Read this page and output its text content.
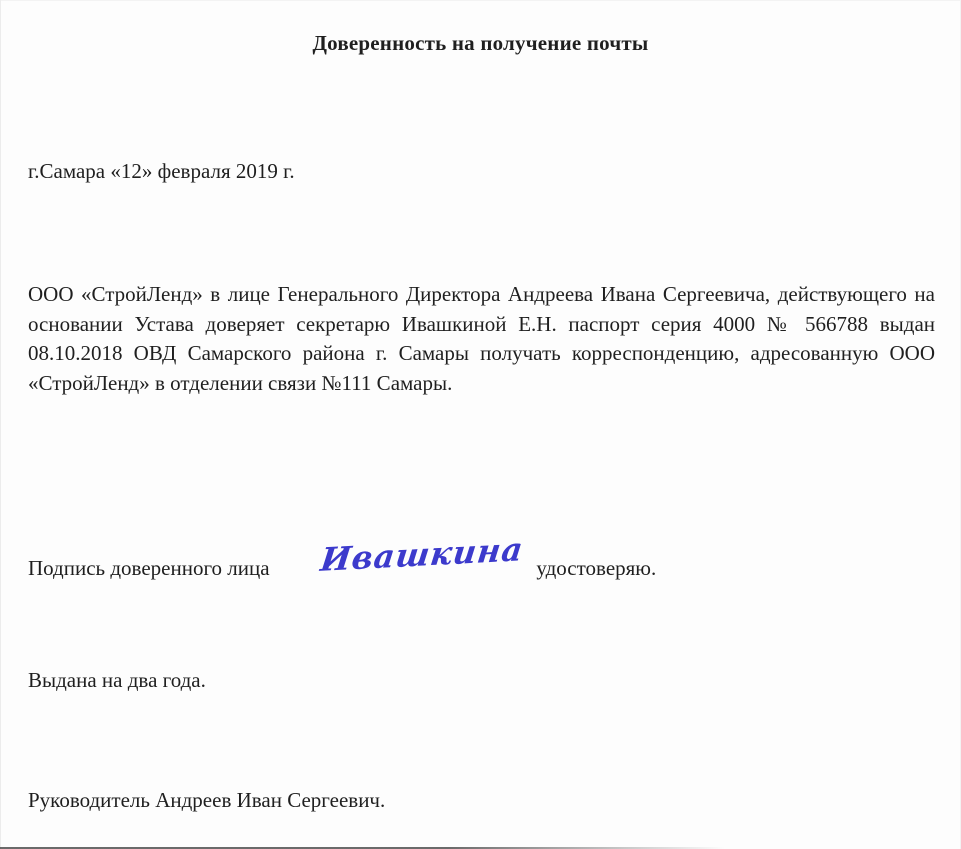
Доверенность на получение почты
г.Самара «12» февраля 2019 г.
ООО «СтройЛенд» в лице Генерального Директора Андреева Ивана Сергеевича, действующего на основании Устава доверяет секретарю Ивашкиной Е.Н. паспорт серия 4000 № 566788 выдан 08.10.2018 ОВД Самарского района г. Самары получать корреспонденцию, адресованную ООО «СтройЛенд» в отделении связи №111 Самары.
Подпись доверенного лица Ивашкина удостоверяю.
Выдана на два года.
Руководитель Андреев Иван Сергеевич.
